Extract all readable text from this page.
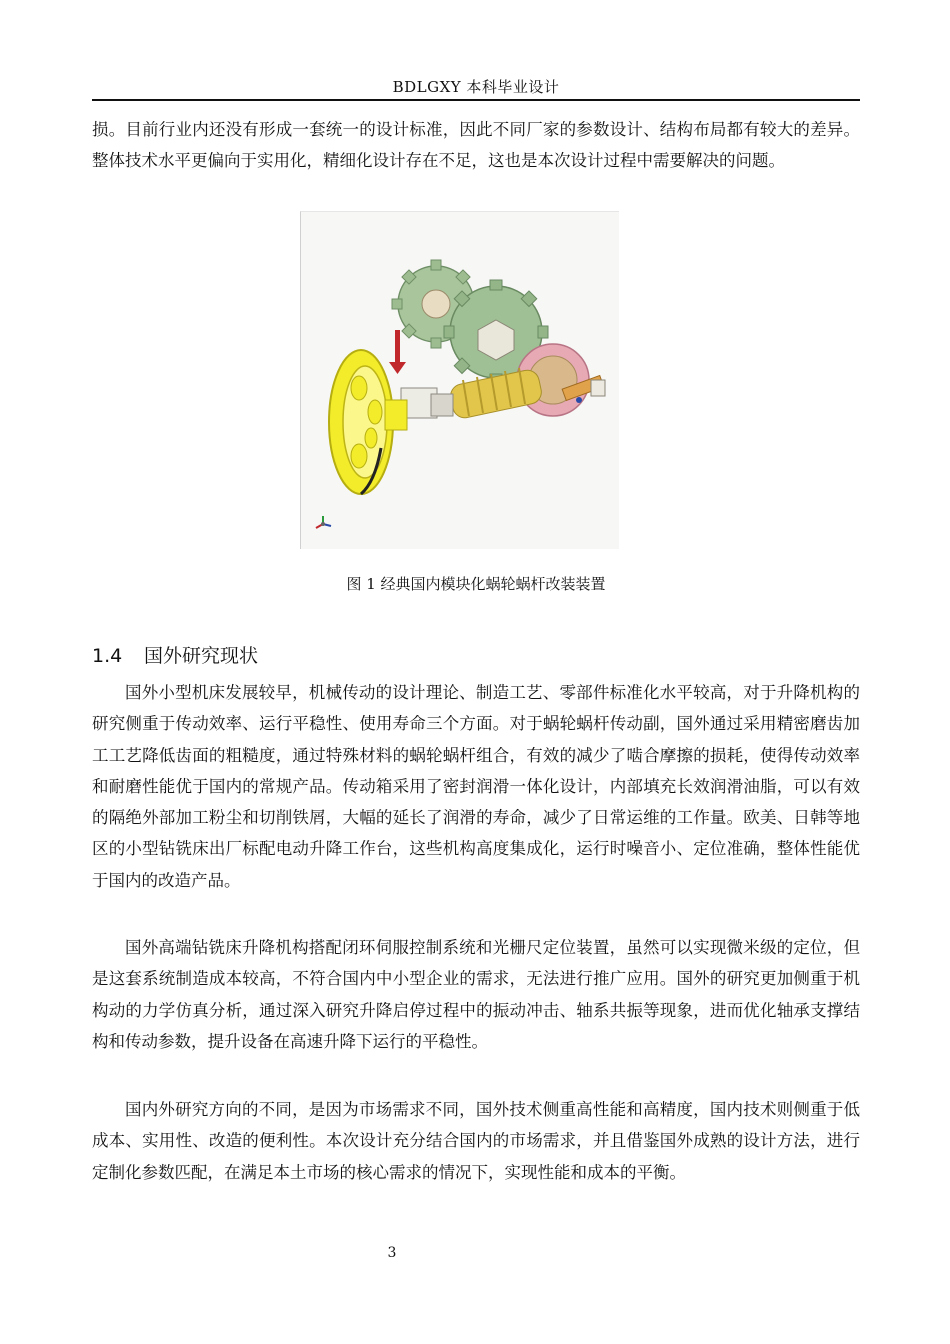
BDLGXY 本科毕业设计

损。目前行业内还没有形成一套统一的设计标准，因此不同厂家的参数设计、结构布局都有较大的差异。整体技术水平更偏向于实用化，精细化设计存在不足，这也是本次设计过程中需要解决的问题。

图 1 经典国内模块化蜗轮蜗杆改装装置
1.4 国外研究现状

国外小型机床发展较早，机械传动的设计理论、制造工艺、零部件标准化水平较高，对于升降机构的研究侧重于传动效率、运行平稳性、使用寿命三个方面。对于蜗轮蜗杆传动副，国外通过采用精密磨齿加工工艺降低齿面的粗糙度，通过特殊材料的蜗轮蜗杆组合，有效的减少了啮合摩擦的损耗，使得传动效率和耐磨性能优于国内的常规产品。传动箱采用了密封润滑一体化设计，内部填充长效润滑油脂，可以有效的隔绝外部加工粉尘和切削铁屑，大幅的延长了润滑的寿命，减少了日常运维的工作量。欧美、日韩等地区的小型钻铣床出厂标配电动升降工作台，这些机构高度集成化，运行时噪音小、定位准确，整体性能优于国内的改造产品。

国外高端钻铣床升降机构搭配闭环伺服控制系统和光栅尺定位装置，虽然可以实现微米级的定位，但是这套系统制造成本较高，不符合国内中小型企业的需求，无法进行推广应用。国外的研究更加侧重于机构动的力学仿真分析，通过深入研究升降启停过程中的振动冲击、轴系共振等现象，进而优化轴承支撑结构和传动参数，提升设备在高速升降下运行的平稳性。

国内外研究方向的不同，是因为市场需求不同，国外技术侧重高性能和高精度，国内技术则侧重于低成本、实用性、改造的便利性。本次设计充分结合国内的市场需求，并且借鉴国外成熟的设计方法，进行定制化参数匹配，在满足本土市场的核心需求的情况下，实现性能和成本的平衡。

3
